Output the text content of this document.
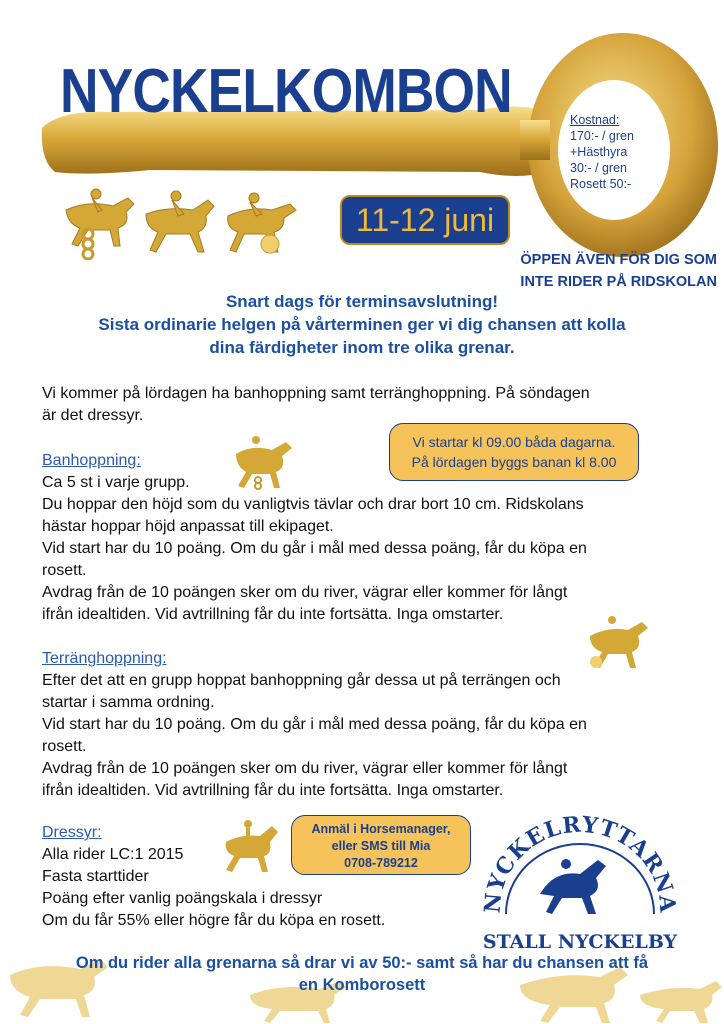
NYCKELKOMBON	Kostnad:
170:- / gren
+Hästhyra
30:- / gren
Rosett 50:-
11-12 juni
ÖPPEN ÄVEN FÖR DIG SOM
INTE RIDER PÅ RIDSKOLAN
Snart dags för terminsavslutning!
Sista ordinarie helgen på vårterminen ger vi dig chansen att kolla
dina färdigheter inom tre olika grenar.

Vi kommer på lördagen ha banhoppning samt terränghoppning. På söndagen

är det dressyr.

Vi startar kl 09.00 båda dagarna.
På lördagen byggs banan kl 8.00

Banhoppning:

Ca 5 st i varje grupp.

Du hoppar den höjd som du vanligtvis tävlar och drar bort 10 cm. Ridskolans

hästar hoppar höjd anpassat till ekipaget.

Vid start har du 10 poäng. Om du går i mål med dessa poäng, får du köpa en

rosett.

Avdrag från de 10 poängen sker om du river, vägrar eller kommer för långt

ifrån idealtiden. Vid avtrillning får du inte fortsätta. Inga omstarter.

Terränghoppning:

Efter det att en grupp hoppat banhoppning går dessa ut på terrängen och

startar i samma ordning.

Vid start har du 10 poäng. Om du går i mål med dessa poäng, får du köpa en

rosett.

Avdrag från de 10 poängen sker om du river, vägrar eller kommer för långt

ifrån idealtiden. Vid avtrillning får du inte fortsätta. Inga omstarter.

Dressyr:

Alla rider LC:1 2015

Fasta starttider

Poäng efter vanlig poängskala i dressyr

Om du får 55% eller högre får du köpa en rosett.

Anmäl i Horsemanager,
eller SMS till Mia
0708-789212
NYCKELRYTTARNA
STALL NYCKELBY
Om du rider alla grenarna så drar vi av 50:- samt så har du chansen att få
en Komborosett
